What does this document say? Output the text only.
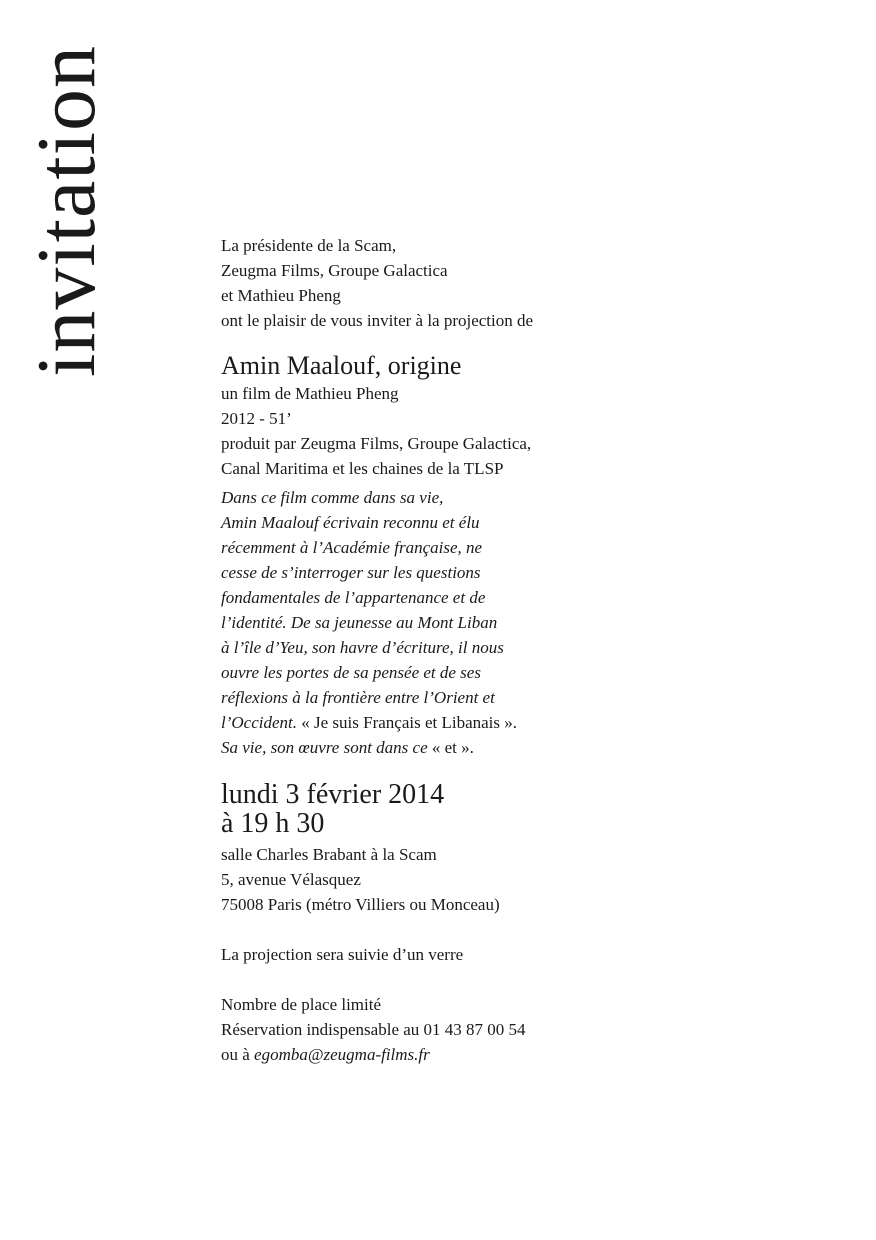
invitation	La présidente de la Scam,
Zeugma Films, Groupe Galactica
et Mathieu Pheng
ont le plaisir de vous inviter à la projection de
Amin Maalouf, origine
un film de Mathieu Pheng
2012 - 51’
produit par Zeugma Films, Groupe Galactica,
Canal Maritima et les chaines de la TLSP
Dans ce film comme dans sa vie,
Amin Maalouf écrivain reconnu et élu
récemment à l’Académie française, ne
cesse de s’interroger sur les questions
fondamentales de l’appartenance et de
l’identité. De sa jeunesse au Mont Liban
à l’île d’Yeu, son havre d’écriture, il nous
ouvre les portes de sa pensée et de ses
réflexions à la frontière entre l’Orient et
l’Occident. « Je suis Français et Libanais ».
Sa vie, son œuvre sont dans ce « et ».
lundi 3 février 2014
à 19 h 30
salle Charles Brabant à la Scam
5, avenue Vélasquez
75008 Paris (métro Villiers ou Monceau)
La projection sera suivie d’un verre
Nombre de place limité
Réservation indispensable au 01 43 87 00 54
ou à egomba@zeugma-films.fr
